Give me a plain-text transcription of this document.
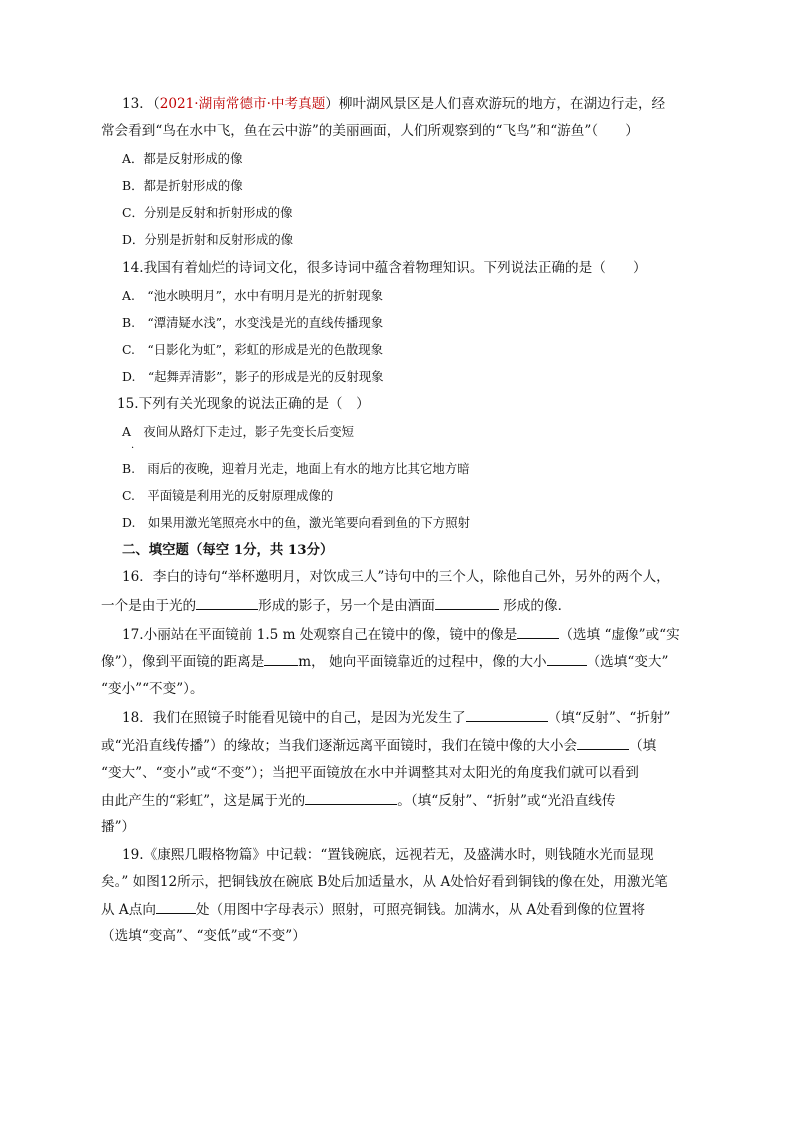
13．（2021·湖南常德市·中考真题）柳叶湖风景区是人们喜欢游玩的地方，在湖边行走，经
常会看到“鸟在水中飞，鱼在云中游”的美丽画面，人们所观察到的“飞鸟”和“游鱼”（　　）
A．都是反射形成的像
B．都是折射形成的像
C．分别是反射和折射形成的像
D．分别是折射和反射形成的像
14.我国有着灿烂的诗词文化，很多诗词中蕴含着物理知识。下列说法正确的是（　　）
A.　“池水映明月”，水中有明月是光的折射现象
B.　“潭清疑水浅”，水变浅是光的直线传播现象
C.　“日影化为虹”，彩虹的形成是光的色散现象
D.　“起舞弄清影”，影子的形成是光的反射现象
15.下列有关光现象的说法正确的是（　）
A　夜间从路灯下走过，影子先变长后变短
·
B.　雨后的夜晚，迎着月光走，地面上有水的地方比其它地方暗
C.　平面镜是利用光的反射原理成像的
D.　如果用激光笔照亮水中的鱼，激光笔要向看到鱼的下方照射
二、填空题（每空 1分，共 13分）
16．李白的诗句“举杯邀明月，对饮成三人”诗句中的三个人，除他自己外，另外的两个人，
一个是由于光的	形成的影子，另一个是由酒面	形成的像．
17.小丽站在平面镜前 1.5 m 处观察自己在镜中的像，镜中的像是	（选填 “虚像”或“实
像”），像到平面镜的距离是	m， 她向平面镜靠近的过程中，像的大小	（选填“变大”
“变小”“不变”）。
18．我们在照镜子时能看见镜中的自己，是因为光发生了	（填“反射”、“折射”
或“光沿直线传播”）的缘故；当我们逐渐远离平面镜时，我们在镜中像的大小会	（填
“变大”、“变小”或“不变”）；当把平面镜放在水中并调整其对太阳光的角度我们就可以看到
由此产生的“彩虹”，这是属于光的	。（填“反射”、“折射”或“光沿直线传
播”）
19.《康熙几暇格物篇》中记载：“置钱碗底，远视若无，及盛满水时，则钱随水光而显现
矣。” 如图12所示，把铜钱放在碗底 B处后加适量水，从 A处恰好看到铜钱的像在处，用激光笔
从 A点向	处（用图中字母表示）照射，可照亮铜钱。加满水，从 A处看到像的位置将
（选填“变高”、“变低”或“不变”）
